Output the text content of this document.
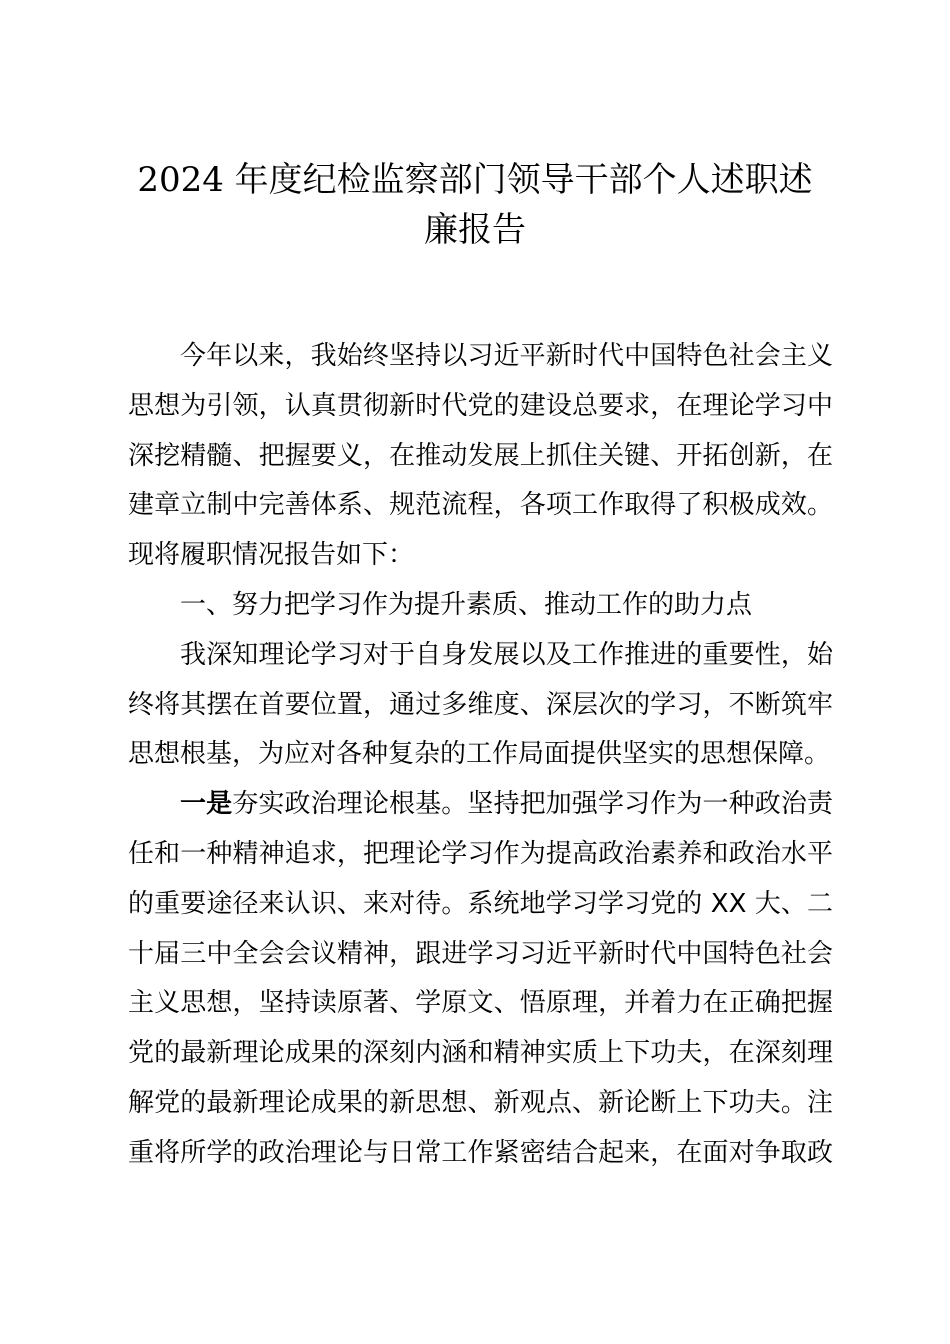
2024 年度纪检监察部门领导干部个人述职述
廉报告
今年以来，我始终坚持以习近平新时代中国特色社会主义
思想为引领，认真贯彻新时代党的建设总要求，在理论学习中
深挖精髓、把握要义，在推动发展上抓住关键、开拓创新，在
建章立制中完善体系、规范流程，各项工作取得了积极成效。
现将履职情况报告如下：
一、努力把学习作为提升素质、推动工作的助力点
我深知理论学习对于自身发展以及工作推进的重要性，始
终将其摆在首要位置，通过多维度、深层次的学习，不断筑牢
思想根基，为应对各种复杂的工作局面提供坚实的思想保障。
一是夯实政治理论根基。坚持把加强学习作为一种政治责
任和一种精神追求，把理论学习作为提高政治素养和政治水平
的重要途径来认识、来对待。系统地学习学习党的 XX 大、二
十届三中全会会议精神，跟进学习习近平新时代中国特色社会
主义思想，坚持读原著、学原文、悟原理，并着力在正确把握
党的最新理论成果的深刻内涵和精神实质上下功夫，在深刻理
解党的最新理论成果的新思想、新观点、新论断上下功夫。注
重将所学的政治理论与日常工作紧密结合起来，在面对争取政
